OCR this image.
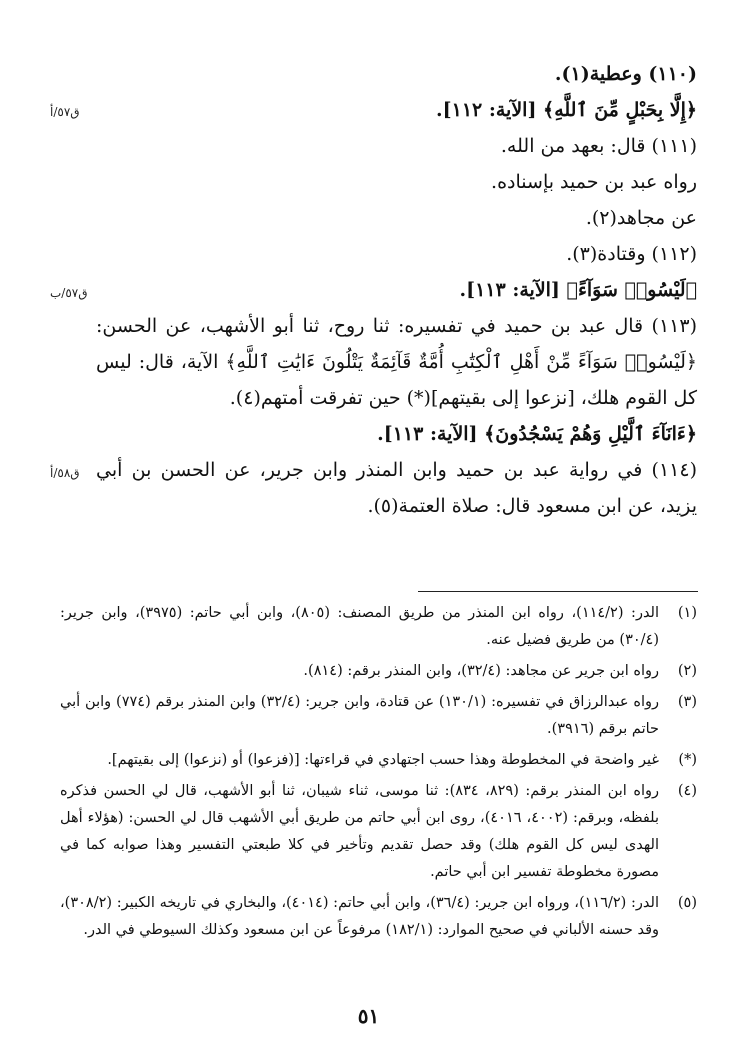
ق٥٧/أ
ق٥٧/ب
ق٥٨/أ

(١١٠) وعطية(١).

﴿إِلَّا بِحَبْلٍ مِّنَ ٱللَّهِ﴾ [الآية: ١١٢].

(١١١) قال: بعهد من الله.

رواه عبد بن حميد بإسناده.

عن مجاهد(٢).

(١١٢) وقتادة(٣).

﴿لَيْسُوا۟ سَوَآءً﴾ [الآية: ١١٣].

(١١٣) قال عبد بن حميد في تفسيره: ثنا روح، ثنا أبو الأشهب، عن الحسن: ﴿لَيْسُوا۟ سَوَآءً مِّنْ أَهْلِ ٱلْكِتَٰبِ أُمَّةٌ قَآئِمَةٌ يَتْلُونَ ءَايَٰتِ ٱللَّهِ﴾ الآية، قال: ليس كل القوم هلك، [نزعوا إلى بقيتهم](*) حين تفرقت أمتهم(٤).

﴿ءَانَآءَ ٱلَّيْلِ وَهُمْ يَسْجُدُونَ﴾ [الآية: ١١٣].

(١١٤) في رواية عبد بن حميد وابن المنذر وابن جرير، عن الحسن بن أبي يزيد، عن ابن مسعود قال: صلاة العتمة(٥).

(١)
الدر: (١١٤/٢)، رواه ابن المنذر من طريق المصنف: (٨٠٥)، وابن أبي حاتم: (٣٩٧٥)، وابن جرير: (٣٠/٤) من طريق فضيل عنه.
(٢)
رواه ابن جرير عن مجاهد: (٣٢/٤)، وابن المنذر برقم: (٨١٤).
(٣)
رواه عبدالرزاق في تفسيره: (١٣٠/١) عن قتادة، وابن جرير: (٣٢/٤) وابن المنذر برقم (٧٧٤) وابن أبي حاتم برقم (٣٩١٦).
(*)
غير واضحة في المخطوطة وهذا حسب اجتهادي في قراءتها: [(فزعوا) أو (نزعوا) إلى بقيتهم].
(٤)
رواه ابن المنذر برقم: (٨٢٩، ٨٣٤): ثنا موسى، ثناء شيبان، ثنا أبو الأشهب، قال لي الحسن فذكره بلفظه، وبرقم: (٤٠٠٢، ٤٠١٦)، روى ابن أبي حاتم من طريق أبي الأشهب قال لي الحسن: (هؤلاء أهل الهدى ليس كل القوم هلك) وقد حصل تقديم وتأخير في كلا طبعتي التفسير وهذا صوابه كما في مصورة مخطوطة تفسير ابن أبي حاتم.
(٥)
الدر: (١١٦/٢)، ورواه ابن جرير: (٣٦/٤)، وابن أبي حاتم: (٤٠١٤)، والبخاري في تاريخه الكبير: (٣٠٨/٢)، وقد حسنه الألباني في صحيح الموارد: (١٨٢/١) مرفوعاً عن ابن مسعود وكذلك السيوطي في الدر.
٥١
